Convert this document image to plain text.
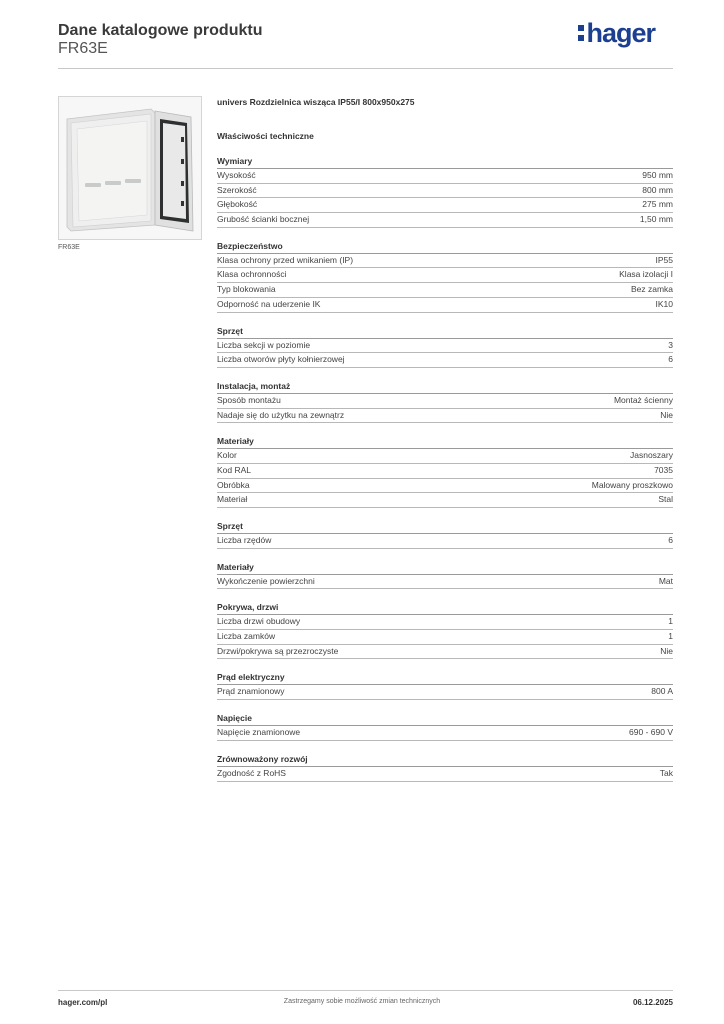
Dane katalogowe produktu
FR63E
hager
FR63E
univers Rozdzielnica wisząca IP55/I 800x950x275
Właściwości techniczne
Wymiary
Wysokość	950 mm
Szerokość	800 mm
Głębokość	275 mm
Grubość ścianki bocznej	1,50 mm
Bezpieczeństwo
Klasa ochrony przed wnikaniem (IP)	IP55
Klasa ochronności	Klasa izolacji I
Typ blokowania	Bez zamka
Odporność na uderzenie IK	IK10
Sprzęt
Liczba sekcji w poziomie	3
Liczba otworów płyty kołnierzowej	6
Instalacja, montaż
Sposób montażu	Montaż ścienny
Nadaje się do użytku na zewnątrz	Nie
Materiały
Kolor	Jasnoszary
Kod RAL	7035
Obróbka	Malowany proszkowo
Materiał	Stal
Sprzęt
Liczba rzędów	6
Materiały
Wykończenie powierzchni	Mat
Pokrywa, drzwi
Liczba drzwi obudowy	1
Liczba zamków	1
Drzwi/pokrywa są przezroczyste	Nie
Prąd elektryczny
Prąd znamionowy	800 A
Napięcie
Napięcie znamionowe	690 - 690 V
Zrównoważony rozwój
Zgodność z RoHS	Tak
hager.com/pl	Zastrzegamy sobie możliwość zmian technicznych	06.12.2025
